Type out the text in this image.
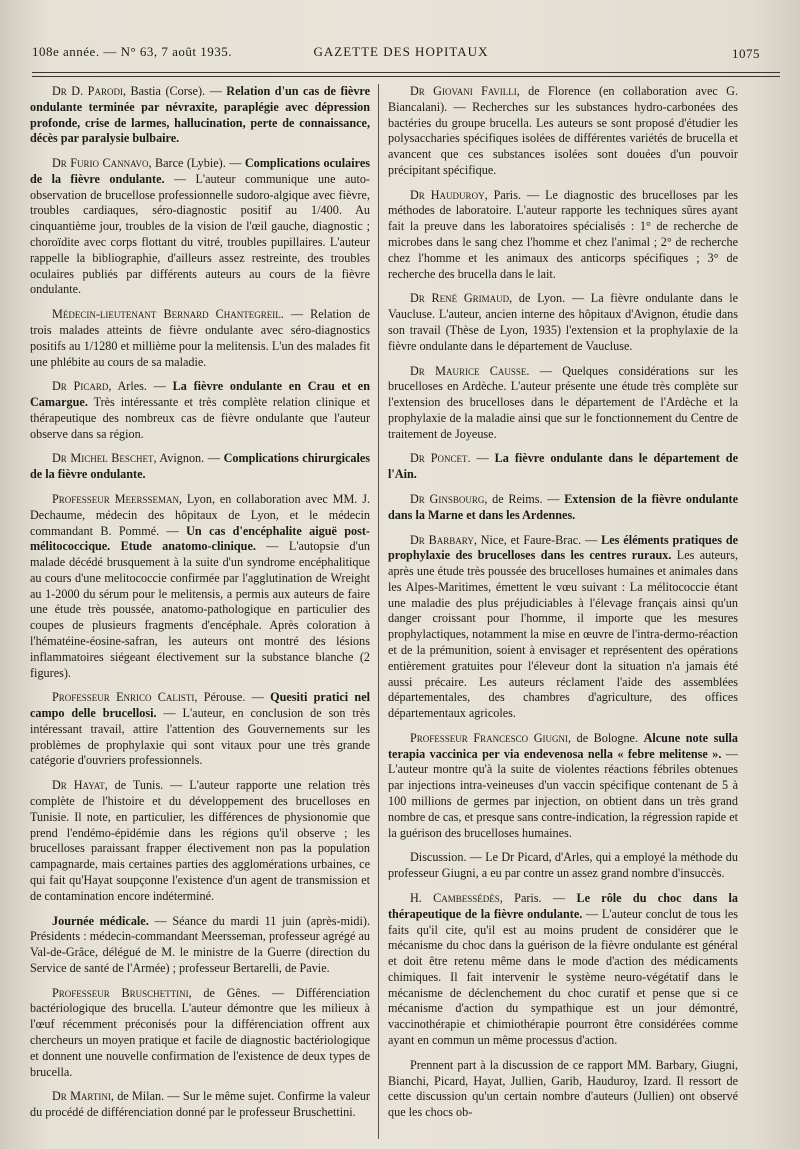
108e année. — N° 63, 7 août 1935.	GAZETTE DES HOPITAUX	1075

Dr D. Parodi, Bastia (Corse). — Relation d'un cas de fièvre ondulante terminée par névraxite, paraplégie avec dépression profonde, crise de larmes, hallucination, perte de connaissance, décès par paralysie bulbaire.

Dr Furio Cannavo, Barce (Lybie). — Complications oculaires de la fièvre ondulante. — L'auteur communique une auto-observation de brucellose professionnelle sudoro-algique avec fièvre, troubles cardiaques, séro-diagnostic positif au 1/400. Au cinquantième jour, troubles de la vision de l'œil gauche, diagnostic ; choroïdite avec corps flottant du vitré, troubles pupillaires. L'auteur rappelle la bibliographie, d'ailleurs assez restreinte, des troubles oculaires publiés par différents auteurs au cours de la fièvre ondulante.

Médecin-lieutenant Bernard Chantegreil. — Relation de trois malades atteints de fièvre ondulante avec séro-diagnostics positifs au 1/1280 et millième pour la melitensis. L'un des malades fit une phlébite au cours de sa maladie.

Dr Picard, Arles. — La fièvre ondulante en Crau et en Camargue. Très intéressante et très complète relation clinique et thérapeutique des nombreux cas de fièvre ondulante que l'auteur observe dans sa région.

Dr Michel Beschet, Avignon. — Complications chirurgicales de la fièvre ondulante.

Professeur Meersseman, Lyon, en collaboration avec MM. J. Dechaume, médecin des hôpitaux de Lyon, et le médecin commandant B. Pommé. — Un cas d'encéphalite aiguë post-mélitococcique. Etude anatomo-clinique. — L'autopsie d'un malade décédé brusquement à la suite d'un syndrome encéphalitique au cours d'une melitococcie confirmée par l'agglutination de Wreight au 1-2000 du sérum pour le melitensis, a permis aux auteurs de faire une étude très poussée, anatomo-pathologique en particulier des coupes de plusieurs fragments d'encéphale. Après coloration à l'hématéine-éosine-safran, les auteurs ont montré des lésions inflammatoires siégeant électivement sur la substance blanche (2 figures).

Professeur Enrico Calisti, Pérouse. — Quesiti pratici nel campo delle brucellosi. — L'auteur, en conclusion de son très intéressant travail, attire l'attention des Gouvernements sur les problèmes de prophylaxie qui sont vitaux pour une très grande catégorie d'ouvriers professionnels.

Dr Hayat, de Tunis. — L'auteur rapporte une relation très complète de l'histoire et du développement des brucelloses en Tunisie. Il note, en particulier, les différences de physionomie que prend l'endémo-épidémie dans les régions qu'il observe ; les brucelloses paraissant frapper électivement non pas la population campagnarde, mais certaines parties des agglomérations urbaines, ce qui fait qu'Hayat soupçonne l'existence d'un agent de transmission et de contamination encore indéterminé.

Journée médicale. — Séance du mardi 11 juin (après-midi). Présidents : médecin-commandant Meersseman, professeur agrégé au Val-de-Grâce, délégué de M. le ministre de la Guerre (direction du Service de santé de l'Armée) ; professeur Bertarelli, de Pavie.

Professeur Bruschettini, de Gênes. — Différenciation bactériologique des brucella. L'auteur démontre que les milieux à l'œuf récemment préconisés pour la différenciation offrent aux chercheurs un moyen pratique et facile de diagnostic bactériologique et donnent une nouvelle confirmation de l'existence de deux types de brucella.

Dr Martini, de Milan. — Sur le même sujet. Confirme la valeur du procédé de différenciation donné par le professeur Bruschettini.

Dr Giovani Favilli, de Florence (en collaboration avec G. Biancalani). — Recherches sur les substances hydro-carbonées des bactéries du groupe brucella. Les auteurs se sont proposé d'étudier les polysaccharies spécifiques isolées de différentes variétés de brucella et avancent que ces substances isolées sont douées d'un pouvoir précipitant spécifique.

Dr Hauduroy, Paris. — Le diagnostic des brucelloses par les méthodes de laboratoire. L'auteur rapporte les techniques sûres ayant fait la preuve dans les laboratoires spécialisés : 1° de recherche de microbes dans le sang chez l'homme et chez l'animal ; 2° de recherche chez l'homme et les animaux des anticorps spécifiques ; 3° de recherche des brucella dans le lait.

Dr René Grimaud, de Lyon. — La fièvre ondulante dans le Vaucluse. L'auteur, ancien interne des hôpitaux d'Avignon, étudie dans son travail (Thèse de Lyon, 1935) l'extension et la prophylaxie de la fièvre ondulante dans le département de Vaucluse.

Dr Maurice Causse. — Quelques considérations sur les brucelloses en Ardèche. L'auteur présente une étude très complète sur l'extension des brucelloses dans le département de l'Ardèche et la prophylaxie de la maladie ainsi que sur le fonctionnement du Centre de traitement de Joyeuse.

Dr Poncet. — La fièvre ondulante dans le département de l'Ain.

Dr Ginsbourg, de Reims. — Extension de la fièvre ondulante dans la Marne et dans les Ardennes.

Dr Barbary, Nice, et Faure-Brac. — Les éléments pratiques de prophylaxie des brucelloses dans les centres ruraux. Les auteurs, après une étude très poussée des brucelloses humaines et animales dans les Alpes-Maritimes, émettent le vœu suivant : La mélitococcie étant une maladie des plus préjudiciables à l'élevage français ainsi qu'un danger croissant pour l'homme, il importe que les mesures prophylactiques, notamment la mise en œuvre de l'intra-dermo-réaction et de la prémunition, soient à envisager et représentent des opérations entièrement gratuites pour l'éleveur dont la situation n'a jamais été aussi précaire. Les auteurs réclament l'aide des assemblées départementales, des chambres d'agriculture, des offices départementaux agricoles.

Professeur Francesco Giugni, de Bologne. Alcune note sulla terapia vaccinica per via endevenosa nella « febre melitense ». — L'auteur montre qu'à la suite de violentes réactions fébriles obtenues par injections intra-veineuses d'un vaccin spécifique contenant de 5 à 100 millions de germes par injection, on obtient dans un très grand nombre de cas, et presque sans contre-indication, la régression rapide et la guérison des brucelloses humaines.

Discussion. — Le Dr Picard, d'Arles, qui a employé la méthode du professeur Giugni, a eu par contre un assez grand nombre d'insuccès.

H. Cambessédès, Paris. — Le rôle du choc dans la thérapeutique de la fièvre ondulante. — L'auteur conclut de tous les faits qu'il cite, qu'il est au moins prudent de considérer que le mécanisme du choc dans la guérison de la fièvre ondulante est général et doit être retenu même dans le mode d'action des médicaments chimiques. Il fait intervenir le système neuro-végétatif dans le mécanisme de déclenchement du choc curatif et pense que si ce mécanisme d'action du sympathique est un jour démontré, vaccinothérapie et chimiothérapie pourront être considérées comme ayant en commun un même processus d'action.

Prennent part à la discussion de ce rapport MM. Barbary, Giugni, Bianchi, Picard, Hayat, Jullien, Garib, Hauduroy, Izard. Il ressort de cette discussion qu'un certain nombre d'auteurs (Jullien) ont observé que les chocs ob-
